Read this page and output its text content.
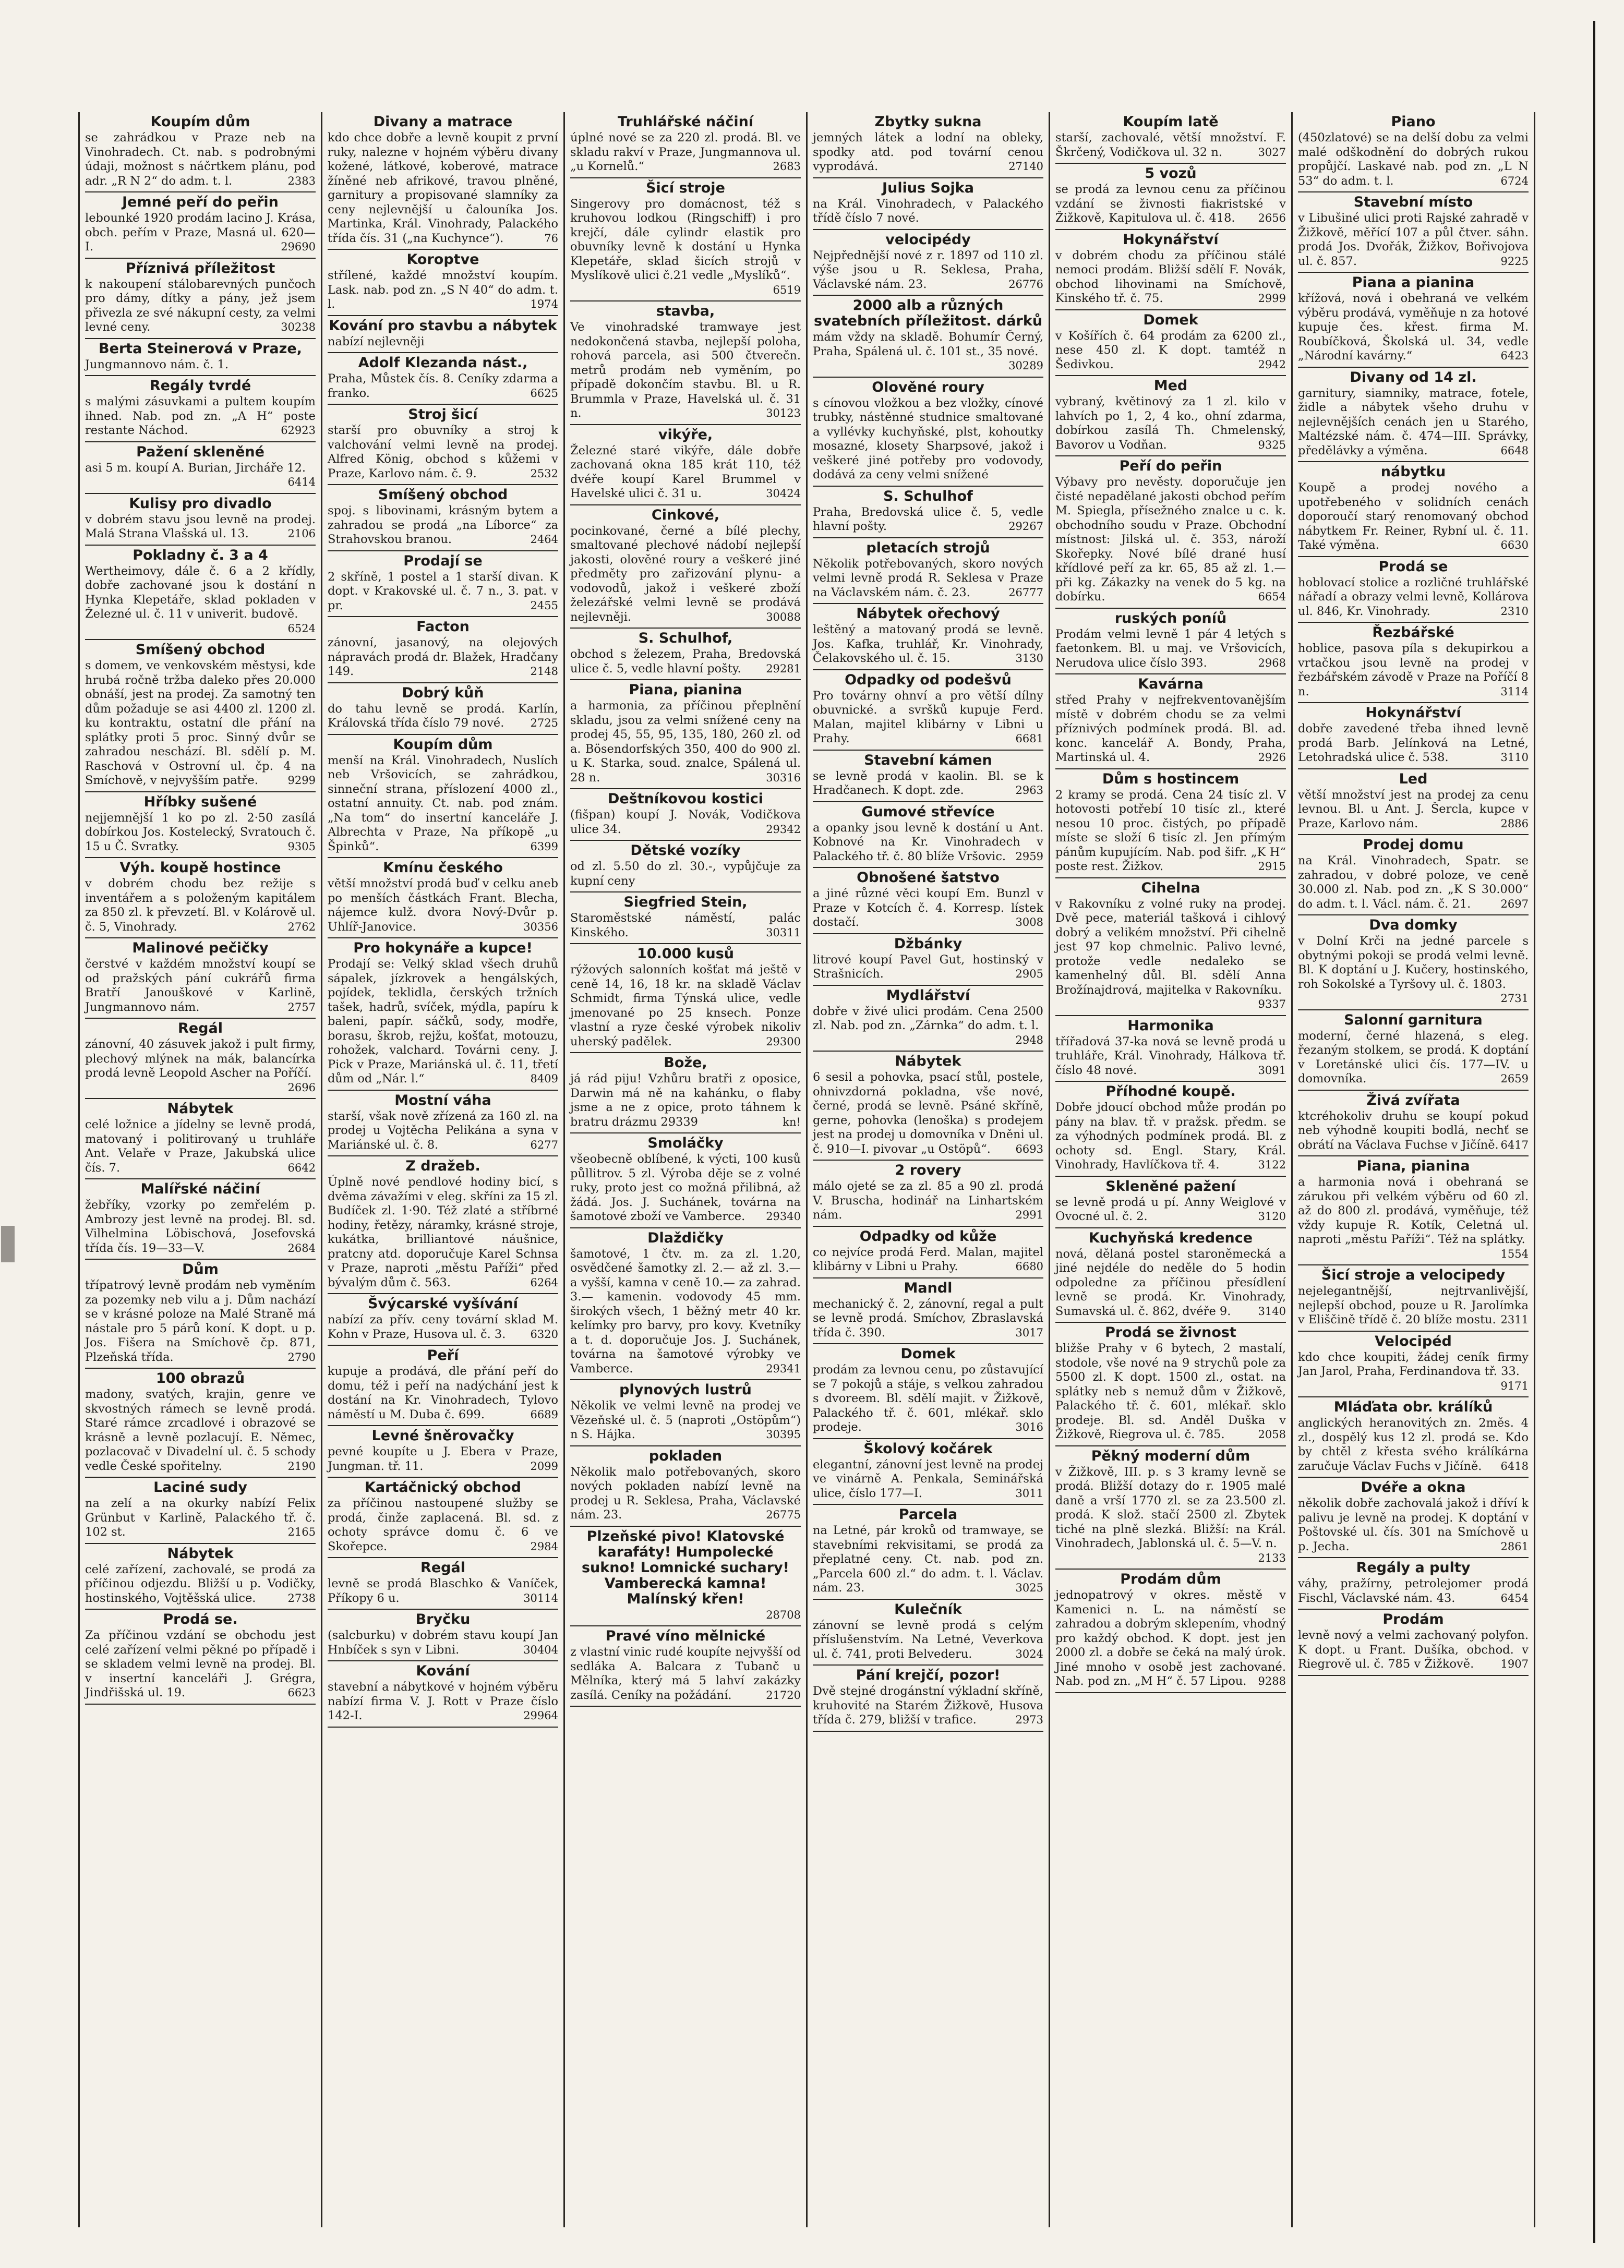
Koupím dům

se zahrádkou v Praze neb na Vinohradech. Ct. nab. s podrobnými údaji, možnost s náčrtkem plánu, pod adr. „R N 2“ do adm. t. l.	2383

Jemné peří do peřin

lebounké 1920 prodám lacino J. Krása, obch. peřím v Praze, Masná ul. 620—I.	29690

Příznivá příležitost

k nakoupení stálobarevných punčoch pro dámy, dítky a pány, jež jsem přivezla ze své nákupní cesty, za velmi levné ceny.	30238

Berta Steinerová v Praze,

Jungmannovo nám. č. 1.

Regály tvrdé

s malými zásuvkami a pultem koupím ihned. Nab. pod zn. „A H“ poste restante Náchod.	62923

Pažení skleněné

asi 5 m. koupí A. Burian, Jircháře 12.
6414

Kulisy pro divadlo

v dobrém stavu jsou levně na prodej. Malá Strana Vlašská ul. 13.	2106

Pokladny č. 3 a 4

Wertheimovy, dále č. 6 a 2 křídly, dobře zachované jsou k dostání n Hynka Klepetáře, sklad pokladen v Železné ul. č. 11 v univerit. budově.
6524

Smíšený obchod

s domem, ve venkovském městysi, kde hrubá ročně tržba daleko přes 20.000 obnáší, jest na prodej. Za samotný ten dům požaduje se asi 4400 zl. 1200 zl. ku kontraktu, ostatní dle přání na splátky proti 5 proc. Sinný dvůr se zahradou neschází. Bl. sdělí p. M. Raschová v Ostrovní ul. čp. 4 na Smíchově, v nejvyšším patře.	9299

Hříbky sušené

nejjemnější 1 ko po zl. 2·50 zasílá dobírkou Jos. Kostelecký, Svratouch č. 15 u Č. Svratky.	9305

Výh. koupě hostince

v dobrém chodu bez režije s inventářem a s položeným kapitálem za 850 zl. k převzetí. Bl. v Kolárově ul. č. 5, Vinohrady.	2762

Malinové pečičky

čerstvé v každém množství koupí se od pražských pání cukrářů firma Bratří Janouškové v Karlině, Jungmannovo nám.	2757

Regál

zánovní, 40 zásuvek jakož i pult firmy, plechový mlýnek na mák, balancírka prodá levně Leopold Ascher na Poříčí.
2696

Nábytek

celé ložnice a jídelny se levně prodá, matovaný i politirovaný u truhláře Ant. Velaře v Praze, Jakubská ulice čís. 7.	6642

Malířské náčiní

žebříky, vzorky po zemřelém p. Ambrozy jest levně na prodej. Bl. sd. Vilhelmina Löbischová, Josefovská třída čís. 19—33—V.	2684

Dům

třípatrový levně prodám neb vyměním za pozemky neb vilu a j. Dům nachází se v krásné poloze na Malé Straně má nástale pro 5 párů koní. K dopt. u p. Jos. Fišera na Smíchově čp. 871, Plzeňská třída.	2790

100 obrazů

madony, svatých, krajin, genre ve skvostných rámech se levně prodá. Staré rámce zrcadlové i obrazové se krásně a levně pozlacují. E. Němec, pozlacovač v Divadelní ul. č. 5 schody vedle České spořitelny.	2190

Laciné sudy

na zelí a na okurky nabízí Felix Grünbut v Karlině, Palackého tř. č. 102 st.	2165

Nábytek

celé zařízení, zachovalé, se prodá za příčinou odjezdu. Bližší u p. Vodičky, hostinského, Vojtěšská ulice.	2738

Prodá se.

Za příčinou vzdání se obchodu jest celé zařízení velmi pěkné po případě i se skladem velmi levně na prodej. Bl. v insertní kanceláři J. Grégra, Jindřišská ul. 19.	6623

Divany a matrace

kdo chce dobře a levně koupit z první ruky, nalezne v hojném výběru divany kožené, látkové, koberové, matrace žíněné neb afrikové, travou plněné, garnitury a propisované slamníky za ceny nejlevnější u čalouníka Jos. Martinka, Král. Vinohrady, Palackého třída čís. 31 („na Kuchynce“).	76

Koroptve

střílené, každé množství koupím. Lask. nab. pod zn. „S N 40“ do adm. t. l.	1974

Kování pro stavbu a nábytek

nabízí nejlevněji

Adolf Klezanda nást.,

Praha, Můstek čís. 8. Ceníky zdarma a franko.	6625

Stroj šicí

starší pro obuvníky a stroj k valchování velmi levně na prodej. Alfred König, obchod s kůžemi v Praze, Karlovo nám. č. 9.	2532

Smíšený obchod

spoj. s libovinami, krásným bytem a zahradou se prodá „na Líborce“ za Strahovskou branou.	2464

Prodají se

2 skříně, 1 postel a 1 starší divan. K dopt. v Krakovské ul. č. 7 n., 3. pat. v pr.	2455

Facton

zánovní, jasanový, na olejových nápravách prodá dr. Blažek, Hradčany 149.	2148

Dobrý kůň

do tahu levně se prodá. Karlín, Královská třída číslo 79 nové. 2725

Koupím dům

menší na Král. Vinohradech, Nuslích neb Vršovicích, se zahrádkou, sinneční strana, příslození 4000 zl., ostatní annuity. Ct. nab. pod znám. „Na tom“ do insertní kanceláře J. Albrechta v Praze, Na příkopě „u Špinků“.	6399

Kmínu českého

větší množství prodá buď v celku aneb po menších částkách Frant. Blecha, nájemce kulž. dvora Nový-Dvůr p. Uhlíř-Janovice.	30356

Pro hokynáře a kupce!

Prodají se: Velký sklad všech druhů sápalek, jízkrovek a hengálských, pojídek, teklidla, čerských tržních tašek, hadrů, svíček, mýdla, papíru k baleni, papír. sáčků, sody, modře, borasu, škrob, rejžu, košťat, motouzu, rohožek, valchard. Továrni ceny. J. Pick v Praze, Mariánská ul. č. 11, třetí dům od „Nár. l.“	8409

Mostní váha

starší, však nově zřízená za 160 zl. na prodej u Vojtěcha Pelikána a syna v Mariánské ul. č. 8.	6277

Z dražeb.

Úplně nové pendlové hodiny bicí, s dvěma závažími v eleg. skříni za 15 zl. Budíček zl. 1·90. Též zlaté a stříbrné hodiny, řetězy, náramky, krásné stroje, kukátka, brilliantové náušnice, pratcny atd. doporučuje Karel Schnsa v Praze, naproti „městu Paříži“ před bývalým dům č. 563.	6264

Švýcarské vyšívání

nabízí za přív. ceny tovární sklad M. Kohn v Praze, Husova ul. č. 3. 6320

Peří

kupuje a prodává, dle přání peří do domu, též i peří na nadýchání jest k dostání na Kr. Vinohradech, Tylovo náměstí u M. Duba č. 699.	6689

Levné šněrovačky

pevné koupíte u J. Ebera v Praze, Jungman. tř. 11.	2099

Kartáčnický obchod

za příčinou nastoupené služby se prodá, činže zaplacená. Bl. sd. z ochoty správce domu č. 6 ve Skořepce.	2984

Regál

levně se prodá Blaschko & Vaníček, Příkopy 6 u.	30114

Bryčku

(salcburku) v dobrém stavu koupí Jan Hnbíček s syn v Libni.	30404

Kování

stavební a nábytkové v hojném výběru nabízí firma V. J. Rott v Praze číslo 142-I.	29964

Truhlářské náčiní

úplné nové se za 220 zl. prodá. Bl. ve skladu rakví v Praze, Jungmannova ul. „u Kornelů.“	2683

Šicí stroje

Singerovy pro domácnost, též s kruhovou lodkou (Ringschiff) i pro krejčí, dále cylindr elastik pro obuvníky levně k dostání u Hynka Klepetáře, sklad šicích strojů v Myslíkově ulici č.21 vedle „Myslíků“.
6519

stavba,

Ve vinohradské tramwaye jest nedokončená stavba, nejlepší poloha, rohová parcela, asi 500 čtverečn. metrů prodám neb vyměním, po případě dokončím stavbu. Bl. u R. Brummla v Praze, Havelská ul. č. 31 n.	30123

vikýře,

Železné staré vikýře, dále dobře zachovaná okna 185 krát 110, též dvéře koupí Karel Brummel v Havelské ulici č. 31 u.	30424

Cinkové,

pocinkované, černé a bílé plechy, smaltované plechové nádobí nejlepší jakosti, olověné roury a veškeré jiné předměty pro zařizování plynu- a vodovodů, jakož i veškeré zboží železářské velmi levně se prodává nejlevněji.	30088

S. Schulhof,

obchod s železem, Praha, Bredovská ulice č. 5, vedle hlavní pošty. 29281

Piana, pianina

a harmonia, za příčinou přeplnění skladu, jsou za velmi snížené ceny na prodej 45, 55, 95, 135, 180, 260 zl. od a. Bösendorfských 350, 400 do 900 zl. u K. Starka, soud. znalce, Spálená ul. 28 n.	30316

Deštníkovou kostici

(fišpan) koupí J. Novák, Vodičkova ulice 34.	29342

Dětské vozíky

od zl. 5.50 do zl. 30.-, vypůjčuje za kupní ceny

Siegfried Stein,

Staroměstské náměstí, palác Kinského.	30311

10.000 kusů

rýžových salonních košťat má ještě v ceně 14, 16, 18 kr. na skladě Václav Schmidt, firma Týnská ulice, vedle jmenované po 25 knsech. Ponze vlastní a ryze české výrobek nikoliv uherský padělek.	29300

Bože,

já rád piju! Vzhůru bratři z oposice, Darwin má ně na kahánku, o flaby jsme a ne z opice, proto táhnem k bratru drázmu 29339	kn!

Smoláčky

všeobecně oblíbené, k výcti, 100 kusů půllitrov. 5 zl. Výroba děje se z volné ruky, proto jest co možná přilibná, až žádá. Jos. J. Suchánek, továrna na šamotové zboží ve Vamberce. 29340

Dlaždičky

šamotové, 1 čtv. m. za zl. 1.20, osvědčené šamotky zl. 2.— až zl. 3.— a vyšší, kamna v ceně 10.— za zahrad. 3.— kamenin. vodovody 45 mm. širokých všech, 1 běžný metr 40 kr. kelímky pro barvy, pro kovy. Kvetníky a t. d. doporučuje Jos. J. Suchánek, továrna na šamotové výrobky ve Vamberce.	29341

plynových lustrů

Několik ve velmi levně na prodej ve Vězeňské ul. č. 5 (naproti „Ostöpům“) n S. Hájka.	30395

pokladen

Několik malo potřebovaných, skoro nových pokladen nabízí levně na prodej u R. Seklesa, Praha, Václavské nám. 23.	26775

Plzeňské pivo! Klatovské karafáty! Humpolecké sukno! Lomnické suchary! Vamberecká kamna! Malínský křen!

28708

Pravé víno mělnické

z vlastní vinic rudé koupíte nejvyšší od sedláka A. Balcara z Tubanč u Mělníka, který má 5 lahví zakázky zasílá. Ceníky na požádání.	21720

Zbytky sukna

jemných látek a lodní na obleky, spodky atd. pod tovární cenou vyprodává.	27140

Julius Sojka

na Král. Vinohradech, v Palackého třídě číslo 7 nové.

velocipédy

Nejpřednější nové z r. 1897 od 110 zl. výše jsou u R. Seklesa, Praha, Václavské nám. 23.	26776

2000 alb a různých svatebních příležitost. dárků

mám vždy na skladě. Bohumír Černý, Praha, Spálená ul. č. 101 st., 35 nové.
30289

Olověné roury

s cínovou vložkou a bez vložky, cínové trubky, nástěnné studnice smaltované a vyllévky kuchyňské, plst, kohoutky mosazné, klosety Sharpsové, jakož i veškeré jiné potřeby pro vodovody, dodává za ceny velmi snížené

S. Schulhof

Praha, Bredovská ulice č. 5, vedle hlavní pošty.	29267

pletacích strojů

Několik potřebovaných, skoro nových velmi levně prodá R. Seklesa v Praze na Václavském nám. č. 23.	26777

Nábytek ořechový

leštěný a matovaný prodá se levně. Jos. Kafka, truhlář, Kr. Vinohrady, Čelakovského ul. č. 15.	3130

Odpadky od podešvů

Pro továrny ohnví a pro větší dílny obuvnické. a svršků kupuje Ferd. Malan, majitel klibárny v Libni u Prahy.	6681

Stavební kámen

se levně prodá v kaolin. Bl. se k Hradčanech. K dopt. zde.	2963

Gumové střevíce

a opanky jsou levně k dostání u Ant. Kobnové na Kr. Vinohradech v Palackého tř. č. 80 blíže Vršovic. 2959

Obnošené šatstvo

a jiné různé věci koupí Em. Bunzl v Praze v Kotcích č. 4. Korresp. lístek dostačí.	3008

Džbánky

litrové koupí Pavel Gut, hostinský v Strašnicích.	2905

Mydlářství

dobře v živé ulici prodám. Cena 2500 zl. Nab. pod zn. „Zárnka“ do adm. t. l.
2948

Nábytek

6 sesil a pohovka, psací stůl, postele, ohnivzdorná pokladna, vše nové, černé, prodá se levně. Psáné skříně, gerne, pohovka (lenoška) s prodejem jest na prodej u domovníka v Dněni ul. č. 910—I. pivovar „u Ostöpů“. 6693

2 rovery

málo ojeté se za zl. 85 a 90 zl. prodá V. Bruscha, hodinář na Linhartském nám.	2991

Odpadky od kůže

co nejvíce prodá Ferd. Malan, majitel klibárny v Libni u Prahy.	6680

Mandl

mechanický č. 2, zánovní, regal a pult se levně prodá. Smíchov, Zbraslavská třída č. 390.	3017

Domek

prodám za levnou cenu, po zůstavující se 7 pokojů a stáje, s velkou zahradou s dvoreem. Bl. sdělí majit. v Žižkově, Palackého tř. č. 601, mlékař. sklo prodeje.	3016

Školový kočárek

elegantní, zánovní jest levně na prodej ve vinárně A. Penkala, Seminářská ulice, číslo 177—I.	3011

Parcela

na Letné, pár kroků od tramwaye, se stavebními rekvisitami, se prodá za přeplatné ceny. Ct. nab. pod zn. „Parcela 600 zl.“ do adm. t. l. Václav. nám. 23.	3025

Kulečník

zánovní se levně prodá s celým příslušenstvím. Na Letné, Veverkova ul. č. 741, proti Belvederu.	3024

Pání krejčí, pozor!

Dvě stejné drogánstní výkladní skříně, kruhovité na Starém Žižkově, Husova třída č. 279, bližší v trafice.	2973

Koupím latě

starší, zachovalé, větší množství. F. Škrčený, Vodičkova ul. 32 n.	3027

5 vozů

se prodá za levnou cenu za příčinou vzdání se živnosti fiakristské v Žižkově, Kapitulova ul. č. 418. 2656

Hokynářství

v dobrém chodu za příčinou stálé nemoci prodám. Bližší sdělí F. Novák, obchod lihovinami na Smíchově, Kinského tř. č. 75.	2999

Domek

v Košířích č. 64 prodám za 6200 zl., nese 450 zl. K dopt. tamtéž n Šedivkou.	2942

Med

vybraný, květinový za 1 zl. kilo v lahvích po 1, 2, 4 ko., ohní zdarma, dobírkou zasílá Th. Chmelenský, Bavorov u Vodňan.	9325

Peří do peřin

Výbavy pro nevěsty. doporučuje jen čisté nepadělané jakosti obchod peřím M. Spiegla, přísežného znalce u c. k. obchodního soudu v Praze. Obchodní místnost: Jilská ul. č. 353, nároží Skořepky. Nové bílé drané husí křídlové peří za kr. 65, 85 až zl. 1.— při kg. Zákazky na venek do 5 kg. na dobírku.	6654

ruských poníů

Prodám velmi levně 1 pár 4 letých s faetonkem. Bl. u maj. ve Vršovicích, Nerudova ulice číslo 393.	2968

Kavárna

střed Prahy v nejfrekventovanějším místě v dobrém chodu se za velmi příznivých podmínek prodá. Bl. ad. konc. kancelář A. Bondy, Praha, Martinská ul. 4.	2926

Dům s hostincem

2 kramy se prodá. Cena 24 tisíc zl. V hotovosti potřebí 10 tisíc zl., které nesou 10 proc. čistých, po případě míste se složí 6 tisíc zl. Jen přímým pánům kupujícím. Nab. pod šifr. „K H“ poste rest. Žižkov.	2915

Cihelna

v Rakovníku z volné ruky na prodej. Dvě pece, materiál tašková i cihlový dobrý a velikém množství. Při cihelně jest 97 kop chmelnic. Palivo levné, protože vedle nedaleko se kamenhelný důl. Bl. sdělí Anna Brožínajdrová, majitelka v Rakovníku.
9337

Harmonika

třířadová 37-ka nová se levně prodá u truhláře, Král. Vinohrady, Hálkova tř. číslo 48 nové.	3091

Příhodné koupě.

Dobře jdoucí obchod může prodán po pány na blav. tř. v pražsk. předm. se za výhodných podmínek prodá. Bl. z ochoty sd. Engl. Stary, Král. Vinohrady, Havlíčkova tř. 4.	3122

Skleněné pažení

se levně prodá u pí. Anny Weiglové v Ovocné ul. č. 2.	3120

Kuchyňská kredence

nová, dělaná postel staroněmecká a jiné nejdéle do neděle do 5 hodin odpoledne za příčinou přesídlení levně se prodá. Kr. Vinohrady, Sumavská ul. č. 862, dvéře 9. 3140

Prodá se živnost

bližše Prahy v 6 bytech, 2 mastalí, stodole, vše nové na 9 strychů pole za 5500 zl. K dopt. 1500 zl., ostat. na splátky neb s nemuž dům v Žižkově, Palackého tř. č. 601, mlékař. sklo prodeje. Bl. sd. Anděl Duška v Žižkově, Riegrova ul. č. 785.	2058

Pěkný moderní dům

v Žižkově, III. p. s 3 kramy levně se prodá. Bližší dotazy do r. 1905 malé daně a vrší 1770 zl. se za 23.500 zl. prodá. K slož. stačí 2500 zl. Zbytek tiché na plně slezká. Bližší: na Král. Vinohradech, Jablonská ul. č. 5—V. n.
2133

Prodám dům

jednopatrový v okres. městě v Kamenici n. L. na náměstí se zahradou a dobrým sklepením, vhodný pro každý obchod. K dopt. jest jen 2000 zl. a dobře se čeká na malý úrok. Jiné mnoho v osobě jest zachované. Nab. pod zn. „M H“ č. 57 Lipou. 9288

Piano

(450zlatové) se na delší dobu za velmi malé odškodnění do dobrých rukou propůjčí. Laskavé nab. pod zn. „L N 53“ do adm. t. l.	6724

Stavební místo

v Libušiné ulici proti Rajské zahradě v Žižkově, měřící 107 a půl čtver. sáhn. prodá Jos. Dvořák, Žižkov, Bořivojova ul. č. 857.	9225

Piana a pianina

křížová, nová i obehraná ve velkém výběru prodává, vyměňuje n za hotové kupuje čes. křest. firma M. Roubíčková, Školská ul. 34, vedle „Národní kavárny.“	6423

Divany od 14 zl.

garnitury, siamniky, matrace, fotele, židle a nábytek všeho druhu v nejlevnějších cenách jen u Starého, Maltézské nám. č. 474—III. Správky, předělávky a výměna.	6648

nábytku

Koupě a prodej nového a upotřebeného v solidních cenách doporoučí starý renomovaný obchod nábytkem Fr. Reiner, Rybní ul. č. 11. Také výměna.	6630

Prodá se

hoblovací stolice a rozličné truhlářské nářadí a obrazy velmi levně, Kollárova ul. 846, Kr. Vinohrady.	2310

Řezbářské

hoblice, pasova píla s dekupirkou a vrtačkou jsou levně na prodej v řezbářském závodě v Praze na Poříčí 8 n.	3114

Hokynářství

dobře zavedené třeba ihned levně prodá Barb. Jelínková na Letné, Letohradská ulice č. 538.	3110

Led

větší množství jest na prodej za cenu levnou. Bl. u Ant. J. Šercla, kupce v Praze, Karlovo nám.	2886

Prodej domu

na Král. Vinohradech, Spatr. se zahradou, v dobré poloze, ve ceně 30.000 zl. Nab. pod zn. „K S 30.000“ do adm. t. l. Václ. nám. č. 21.	2697

Dva domky

v Dolní Krči na jedné parcele s obytnými pokoji se prodá velmi levně. Bl. K doptání u J. Kučery, hostinského, roh Sokolské a Tyršovy ul. č. 1803.
2731

Salonní garnitura

moderní, černé hlazená, s eleg. řezaným stolkem, se prodá. K doptání v Loretánské ulici čís. 177—IV. u domovníka.	2659

Živá zvířata

ktcréhokoliv druhu se koupí pokud neb výhodně koupiti bodlá, nechť se obrátí na Václava Fuchse v Jičíně. 6417

Piana, pianina

a harmonia nová i obehraná se zárukou při velkém výběru od 60 zl. až do 800 zl. prodává, vyměňuje, též vždy kupuje R. Kotík, Celetná ul. naproti „městu Paříži“. Též na splátky.
1554

Šicí stroje a velocipedy

nejelegantnější, nejtrvanlivější, nejlepší obchod, pouze u R. Jarolímka v Eliščině třídě č. 20 blíže mostu. 2311

Velocipéd

kdo chce koupiti, žádej ceník firmy Jan Jarol, Praha, Ferdinandova tř. 33.
9171

Mláďata obr. králíků

anglických heranovitých zn. 2měs. 4 zl., dospělý kus 12 zl. prodá se. Kdo by chtěl z křesta svého králíkárna zaručuje Václav Fuchs v Jičíně. 6418

Dvéře a okna

několik dobře zachovalá jakož i dříví k palivu je levně na prodej. K doptání v Poštovské ul. čís. 301 na Smíchově u p. Jecha.	2861

Regály a pulty

váhy, pražírny, petrolejomer prodá Fischl, Václavské nám. 43.	6454

Prodám

levně nový a velmi zachovaný polyfon. K dopt. u Frant. Dušíka, obchod. v Riegrově ul. č. 785 v Žižkově. 1907
